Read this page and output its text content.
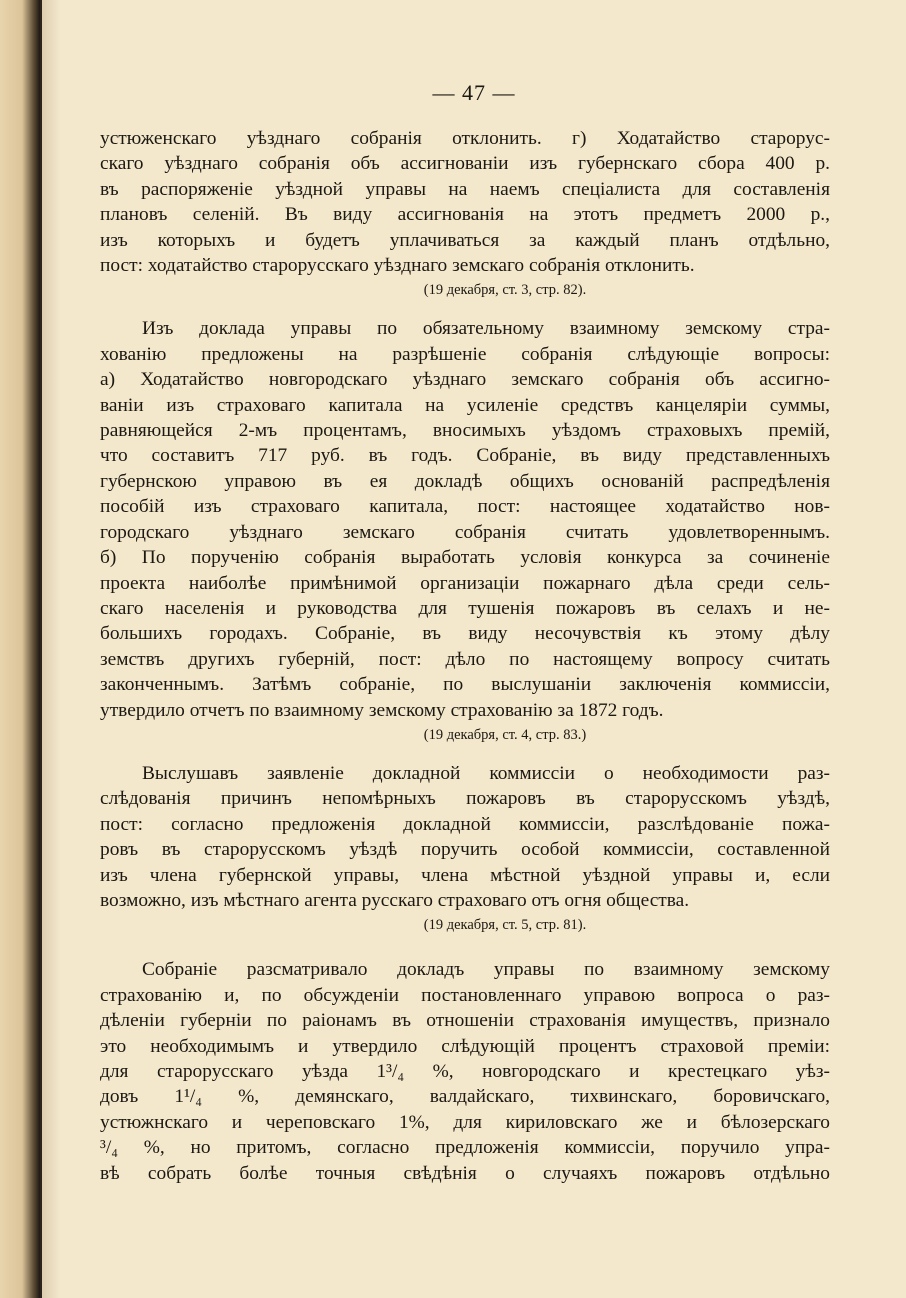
— 47 —
устюженскаго уѣзднаго собранія отклонить. г) Ходатайство старорус-
скаго уѣзднаго собранія объ ассигнованіи изъ губернскаго сбора 400 р.
въ распоряженіе уѣздной управы на наемъ спеціалиста для составленія
плановъ селеній. Въ виду ассигнованія на этотъ предметъ 2000 р.,
изъ которыхъ и будетъ уплачиваться за каждый планъ отдѣльно,
пост: ходатайство старорусскаго уѣзднаго земскаго собранія отклонить.
(19 декабря, ст. 3, стр. 82).
Изъ доклада управы по обязательному взаимному земскому стра-
хованію предложены на разрѣшеніе собранія слѣдующіе вопросы:
а) Ходатайство новгородскаго уѣзднаго земскаго собранія объ ассигно-
ваніи изъ страховаго капитала на усиленіе средствъ канцеляріи суммы,
равняющейся 2-мъ процентамъ, вносимыхъ уѣздомъ страховыхъ премій,
что составитъ 717 руб. въ годъ. Собраніе, въ виду представленныхъ
губернскою управою въ ея докладѣ общихъ основаній распредѣленія
пособій изъ страховаго капитала, пост: настоящее ходатайство нов-
городскаго уѣзднаго земскаго собранія считать удовлетвореннымъ.
б) По порученію собранія выработать условія конкурса за сочиненіе
проекта наиболѣе примѣнимой организаціи пожарнаго дѣла среди сель-
скаго населенія и руководства для тушенія пожаровъ въ селахъ и не-
большихъ городахъ. Собраніе, въ виду несочувствія къ этому дѣлу
земствъ другихъ губерній, пост: дѣло по настоящему вопросу считать
законченнымъ. Затѣмъ собраніе, по выслушаніи заключенія коммиссіи,
утвердило отчетъ по взаимному земскому страхованію за 1872 годъ.
(19 декабря, ст. 4, стр. 83.)
Выслушавъ заявленіе докладной коммиссіи о необходимости раз-
слѣдованія причинъ непомѣрныхъ пожаровъ въ старорусскомъ уѣздѣ,
пост: согласно предложенія докладной коммиссіи, разслѣдованіе пожа-
ровъ въ старорусскомъ уѣздѣ поручить особой коммиссіи, составленной
изъ члена губернской управы, члена мѣстной уѣздной управы и, если
возможно, изъ мѣстнаго агента русскаго страховаго отъ огня общества.
(19 декабря, ст. 5, стр. 81).
Собраніе разсматривало докладъ управы по взаимному земскому
страхованію и, по обсужденіи постановленнаго управою вопроса о раз-
дѣленіи губерніи по раіонамъ въ отношеніи страхованія имуществъ, признало
это необходимымъ и утвердило слѣдующій процентъ страховой преміи:
для старорусскаго уѣзда 1³/₄ %, новгородскаго и крестецкаго уѣз-
довъ 1¹/₄ %, демянскаго, валдайскаго, тихвинскаго, боровичскаго,
устюжнскаго и череповскаго 1%, для кириловскаго же и бѣлозерскаго
³/₄ %, но притомъ, согласно предложенія коммиссіи, поручило упра-
вѣ собрать болѣе точныя свѣдѣнія о случаяхъ пожаровъ отдѣльно
